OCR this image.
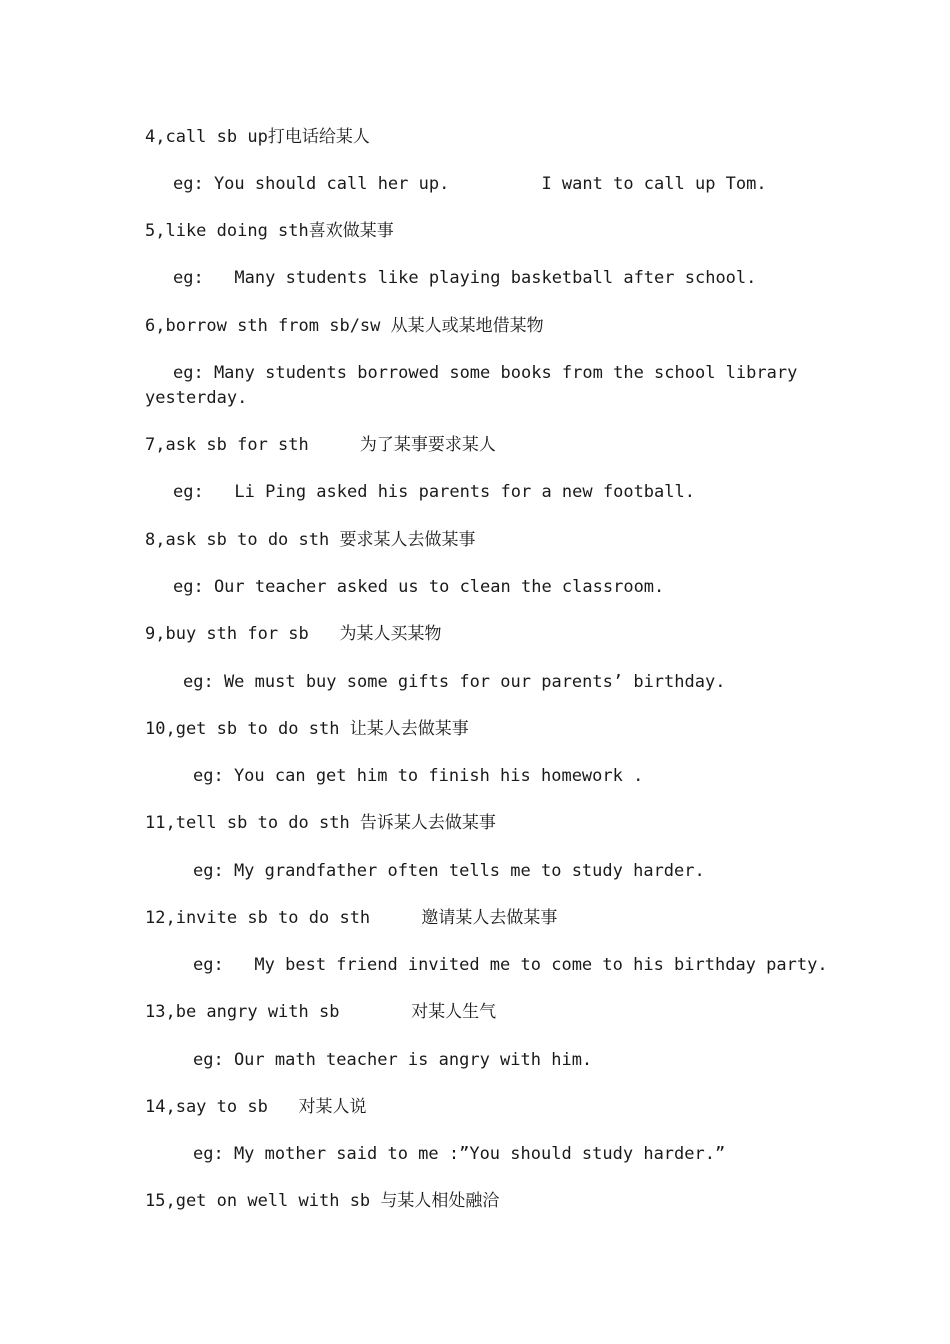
4,call sb up打电话给某人
eg: You should call her up.         I want to call up Tom.
5,like doing sth喜欢做某事
eg:   Many students like playing basketball after school.
6,borrow sth from sb/sw 从某人或某地借某物
eg: Many students borrowed some books from the school library
yesterday.
7,ask sb for sth     为了某事要求某人
eg:   Li Ping asked his parents for a new football.
8,ask sb to do sth 要求某人去做某事
eg: Our teacher asked us to clean the classroom.
9,buy sth for sb   为某人买某物
eg: We must buy some gifts for our parents’ birthday.
10,get sb to do sth 让某人去做某事
eg: You can get him to finish his homework .
11,tell sb to do sth 告诉某人去做某事
eg: My grandfather often tells me to study harder.
12,invite sb to do sth     邀请某人去做某事
eg:   My best friend invited me to come to his birthday party.
13,be angry with sb       对某人生气
eg: Our math teacher is angry with him.
14,say to sb   对某人说
eg: My mother said to me :”You should study harder.”
15,get on well with sb 与某人相处融洽
